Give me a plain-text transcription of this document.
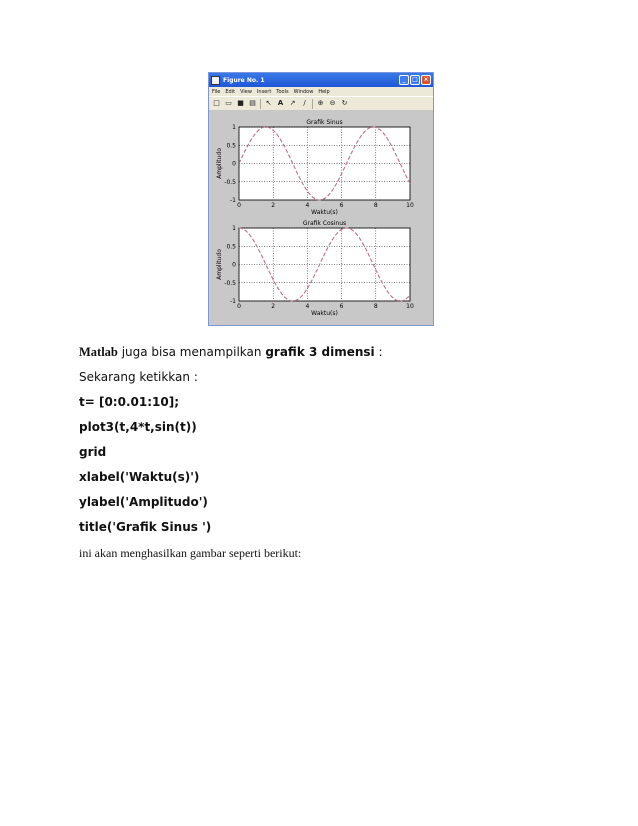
Figure No. 1	_	□ ×
File Edit View Insert Tools Window Help
□ ▭ ■ ▤ ↖ A ↗	/	⊕ ⊖ ↻
0	2	4	6	8	10
1
0.5
0
-0.5
-1
Grafik Sinus
Waktu(s)
Amplitudo
0	2	4	6	8	10
1
0.5
0
-0.5
-1
Grafik Cosinus
Waktu(s)
Amplitudo
Matlab juga bisa menampilkan grafik 3 dimensi :
Sekarang ketikkan :
t= [0:0.01:10];
plot3(t,4*t,sin(t))
grid
xlabel('Waktu(s)')
ylabel('Amplitudo')
title('Grafik Sinus ')
ini akan menghasilkan gambar seperti berikut:
